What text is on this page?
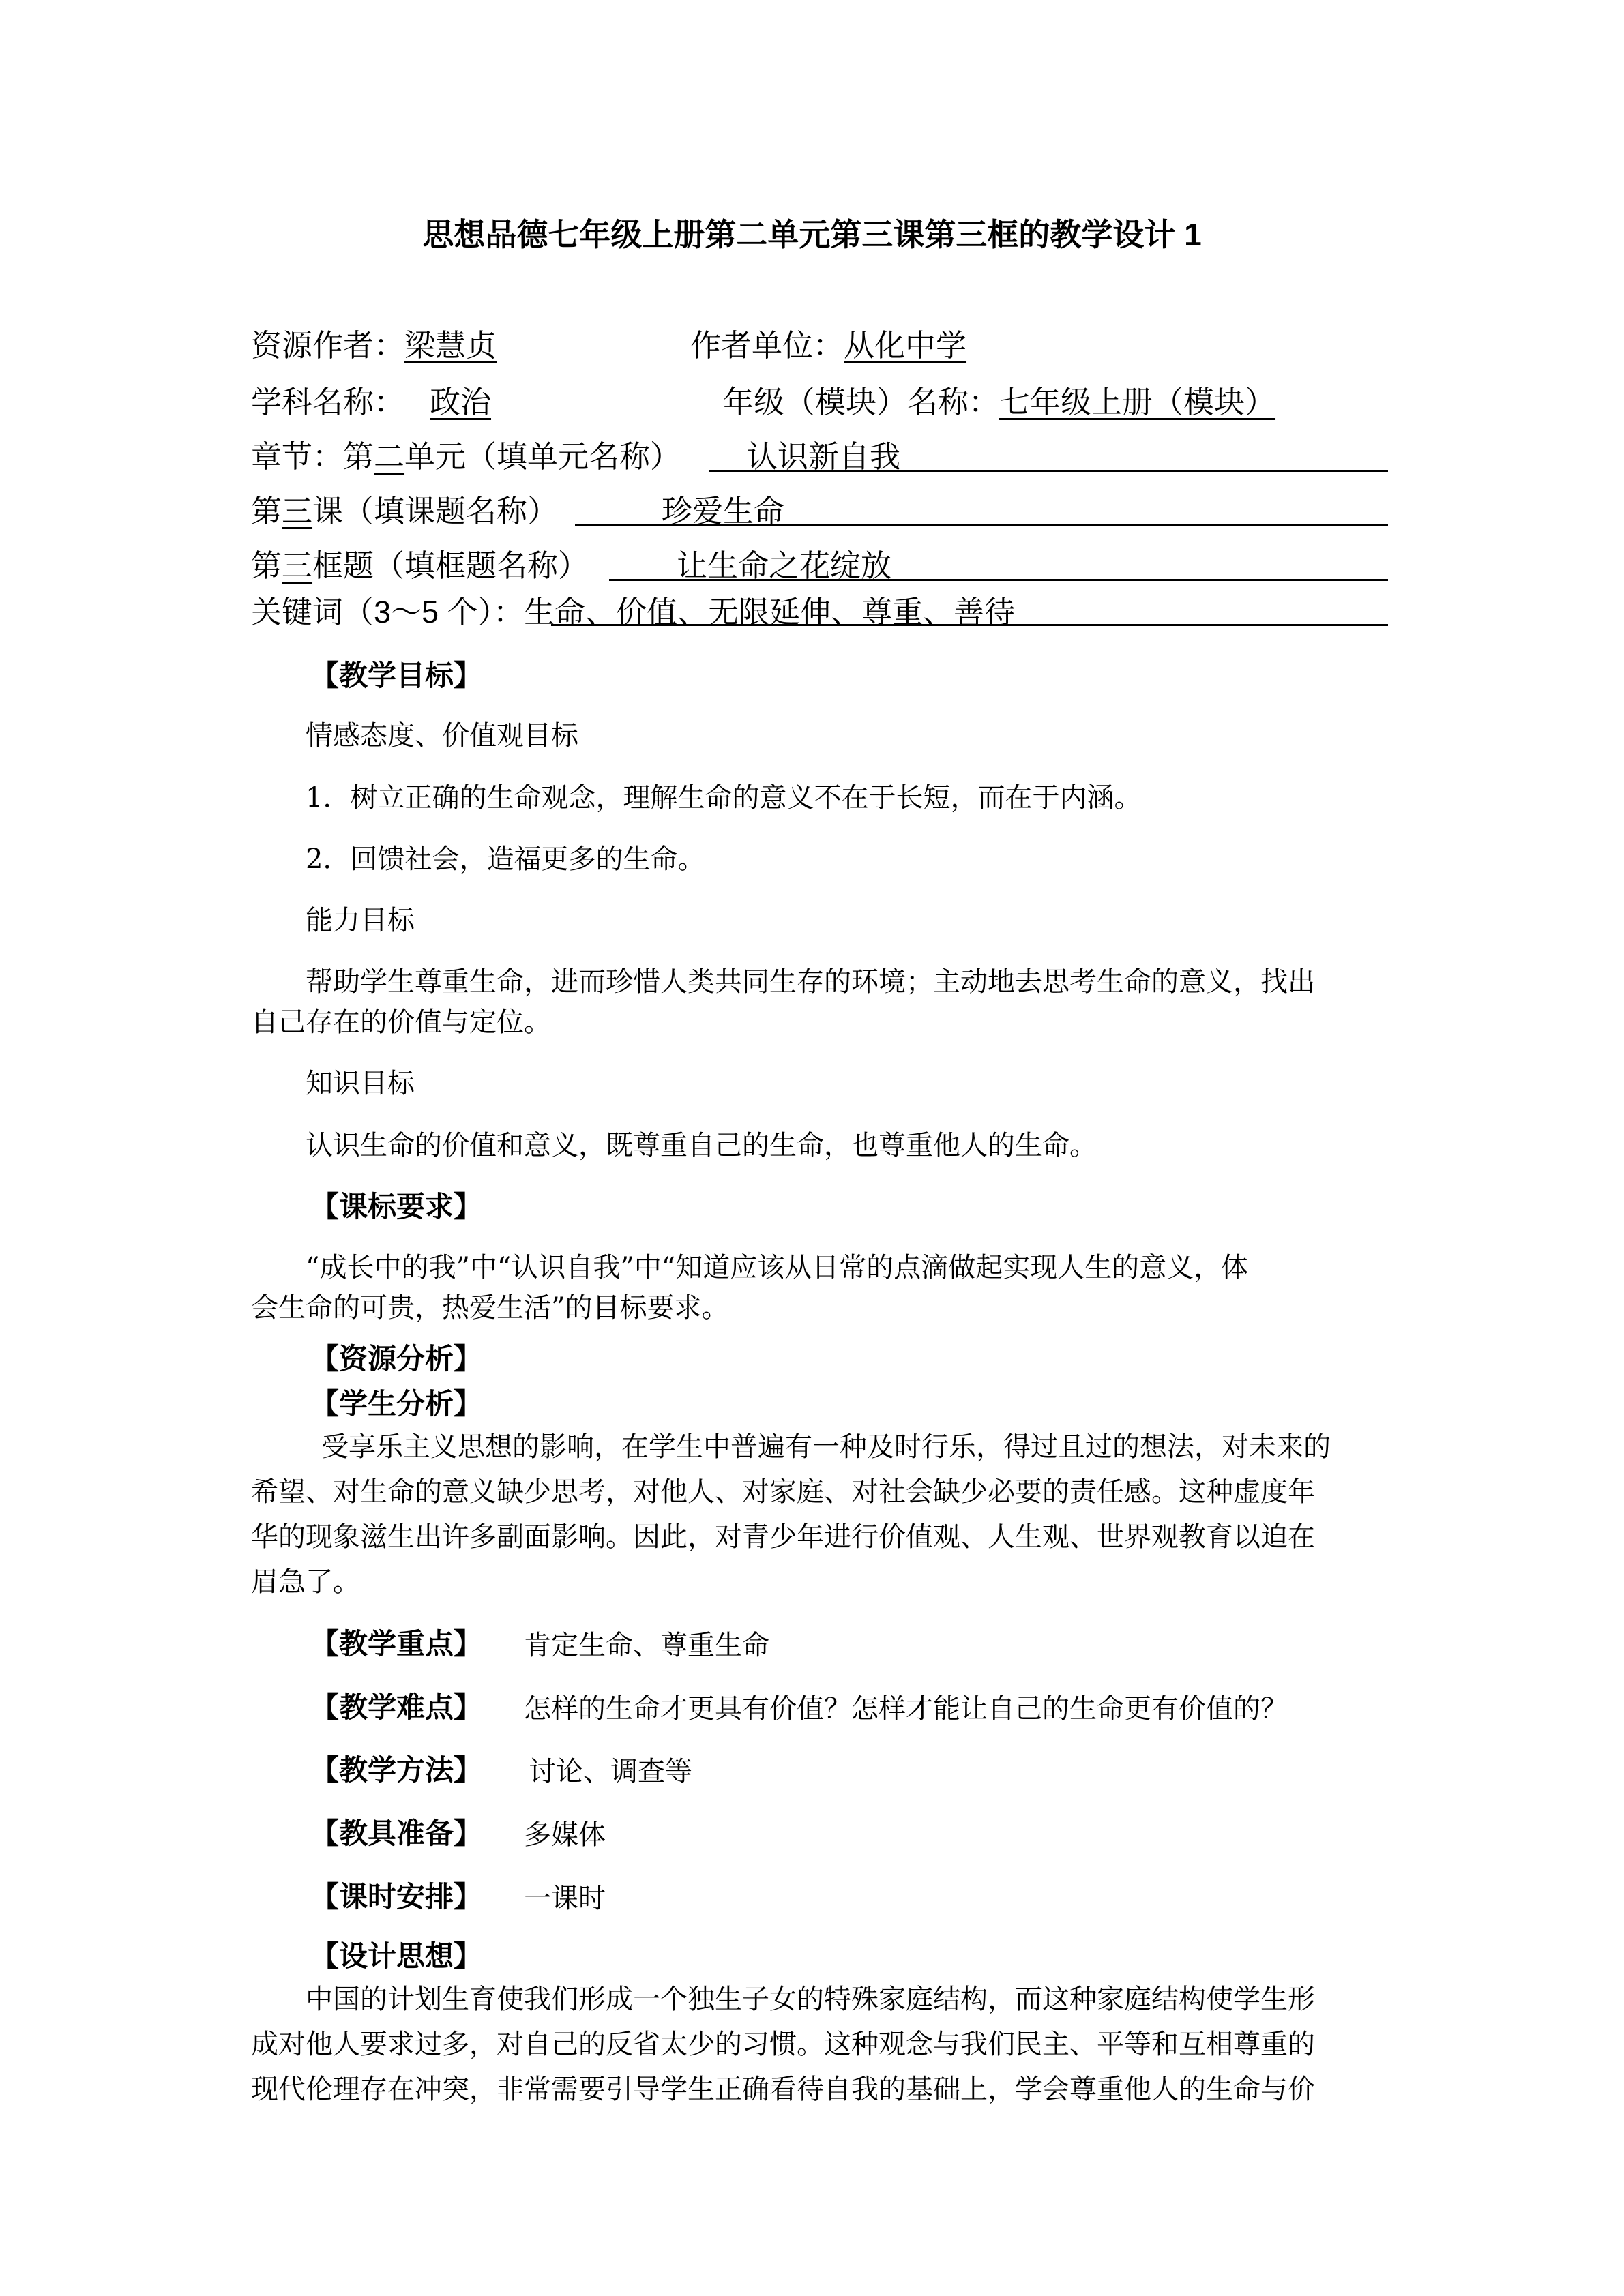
思想品德七年级上册第二单元第三课第三框的教学设计 1
资源作者：梁慧贞	作者单位：从化中学
学科名称： 政治	年级（模块）名称：七年级上册（模块）
章节：第二单元（填单元名称） 认识新自我
第三课（填课题名称）	珍爱生命
第三框题（填框题名称）	让生命之花绽放
关键词（3～5 个）：生命、价值、无限延伸、尊重、善待
【教学目标】
情感态度、价值观目标
1．树立正确的生命观念，理解生命的意义不在于长短，而在于内涵。
2．回馈社会，造福更多的生命。
能力目标
帮助学生尊重生命，进而珍惜人类共同生存的环境；主动地去思考生命的意义，找出
自己存在的价值与定位。
知识目标
认识生命的价值和意义，既尊重自己的生命，也尊重他人的生命。
【课标要求】
“成长中的我”中“认识自我”中“知道应该从日常的点滴做起实现人生的意义，体
会生命的可贵，热爱生活”的目标要求。
【资源分析】
【学生分析】
受享乐主义思想的影响，在学生中普遍有一种及时行乐，得过且过的想法，对未来的
希望、对生命的意义缺少思考，对他人、对家庭、对社会缺少必要的责任感。这种虚度年
华的现象滋生出许多副面影响。因此，对青少年进行价值观、人生观、世界观教育以迫在
眉急了。
【教学重点】 肯定生命、尊重生命
【教学难点】 怎样的生命才更具有价值？怎样才能让自己的生命更有价值的？
【教学方法】 讨论、调查等
【教具准备】 多媒体
【课时安排】 一课时
【设计思想】
中国的计划生育使我们形成一个独生子女的特殊家庭结构，而这种家庭结构使学生形
成对他人要求过多，对自己的反省太少的习惯。这种观念与我们民主、平等和互相尊重的
现代伦理存在冲突，非常需要引导学生正确看待自我的基础上，学会尊重他人的生命与价
